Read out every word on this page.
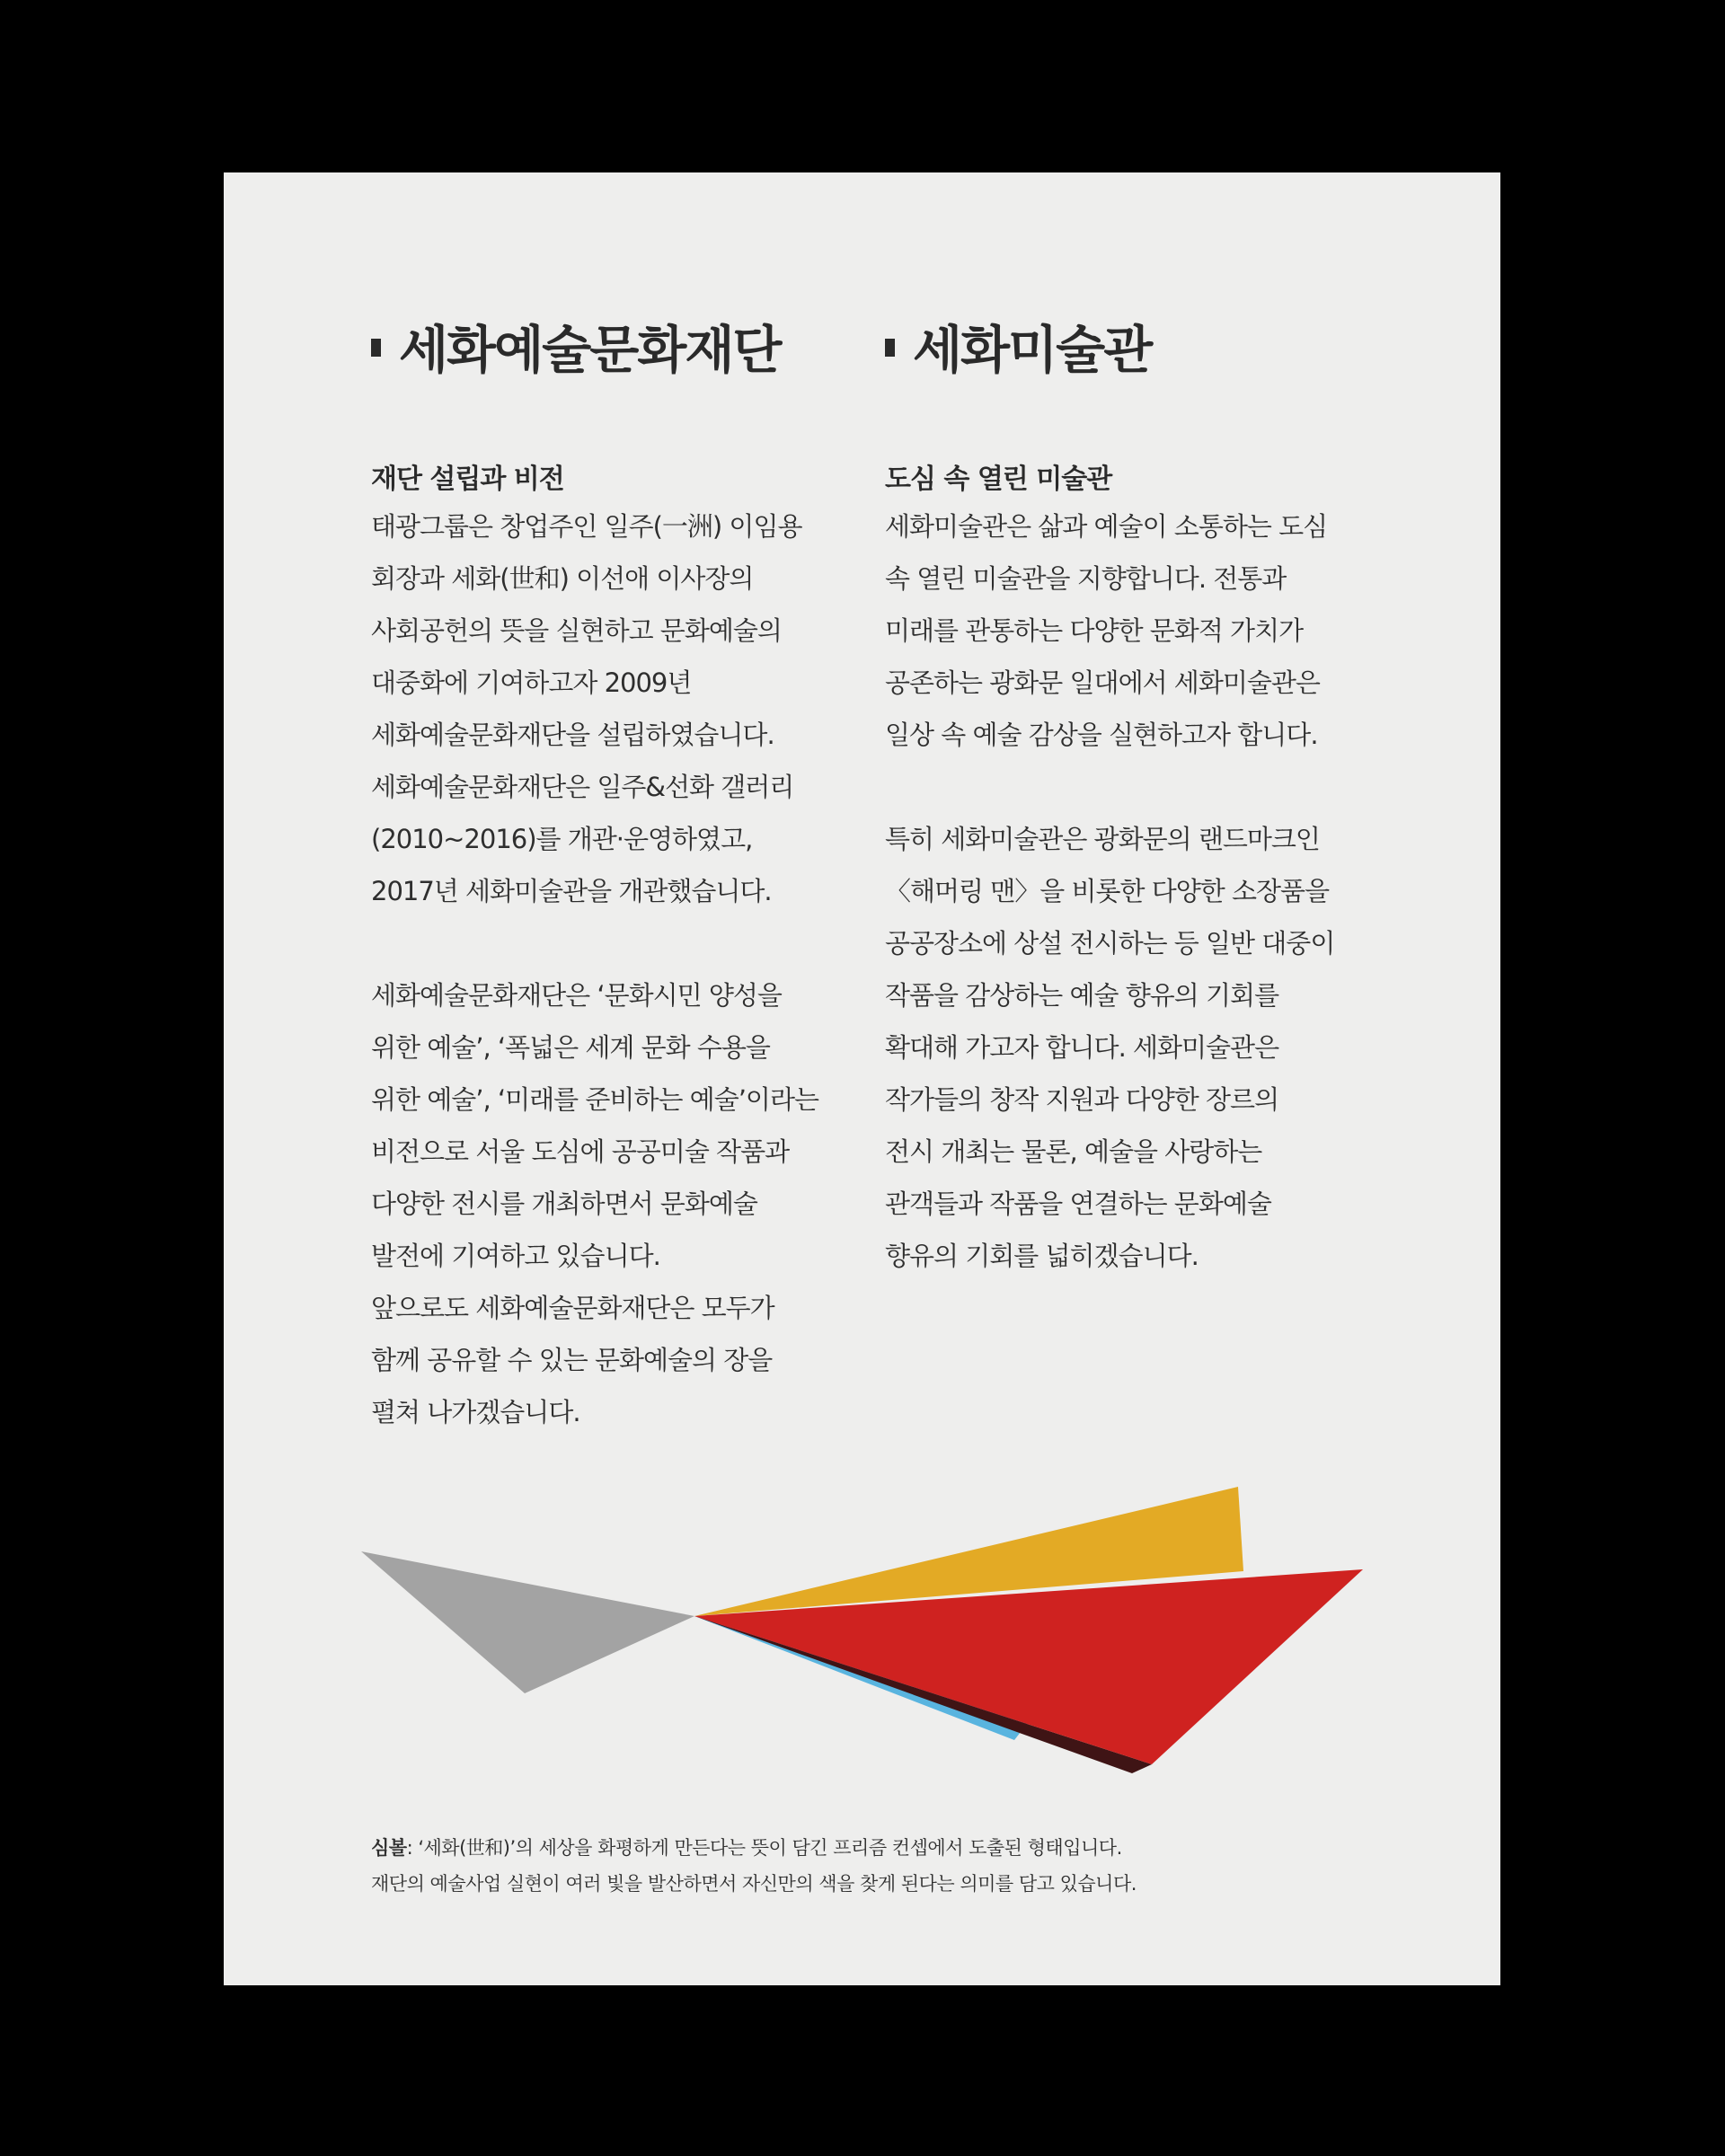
세화예술문화재단
재단 설립과 비전
태광그룹은 창업주인 일주(一洲) 이임용
회장과 세화(世和) 이선애 이사장의
사회공헌의 뜻을 실현하고 문화예술의
대중화에 기여하고자 2009년
세화예술문화재단을 설립하였습니다.
세화예술문화재단은 일주&선화 갤러리
(2010~2016)를 개관·운영하였고,
2017년 세화미술관을 개관했습니다.
세화예술문화재단은 ‘문화시민 양성을
위한 예술’, ‘폭넓은 세계 문화 수용을
위한 예술’, ‘미래를 준비하는 예술’이라는
비전으로 서울 도심에 공공미술 작품과
다양한 전시를 개최하면서 문화예술
발전에 기여하고 있습니다.
앞으로도 세화예술문화재단은 모두가
함께 공유할 수 있는 문화예술의 장을
펼쳐 나가겠습니다.
세화미술관
도심 속 열린 미술관
세화미술관은 삶과 예술이 소통하는 도심
속 열린 미술관을 지향합니다. 전통과
미래를 관통하는 다양한 문화적 가치가
공존하는 광화문 일대에서 세화미술관은
일상 속 예술 감상을 실현하고자 합니다.
특히 세화미술관은 광화문의 랜드마크인
〈해머링 맨〉을 비롯한 다양한 소장품을
공공장소에 상설 전시하는 등 일반 대중이
작품을 감상하는 예술 향유의 기회를
확대해 가고자 합니다. 세화미술관은
작가들의 창작 지원과 다양한 장르의
전시 개최는 물론, 예술을 사랑하는
관객들과 작품을 연결하는 문화예술
향유의 기회를 넓히겠습니다.
심볼: ‘세화(世和)’의 세상을 화평하게 만든다는 뜻이 담긴 프리즘 컨셉에서 도출된 형태입니다.
재단의 예술사업 실현이 여러 빛을 발산하면서 자신만의 색을 찾게 된다는 의미를 담고 있습니다.
